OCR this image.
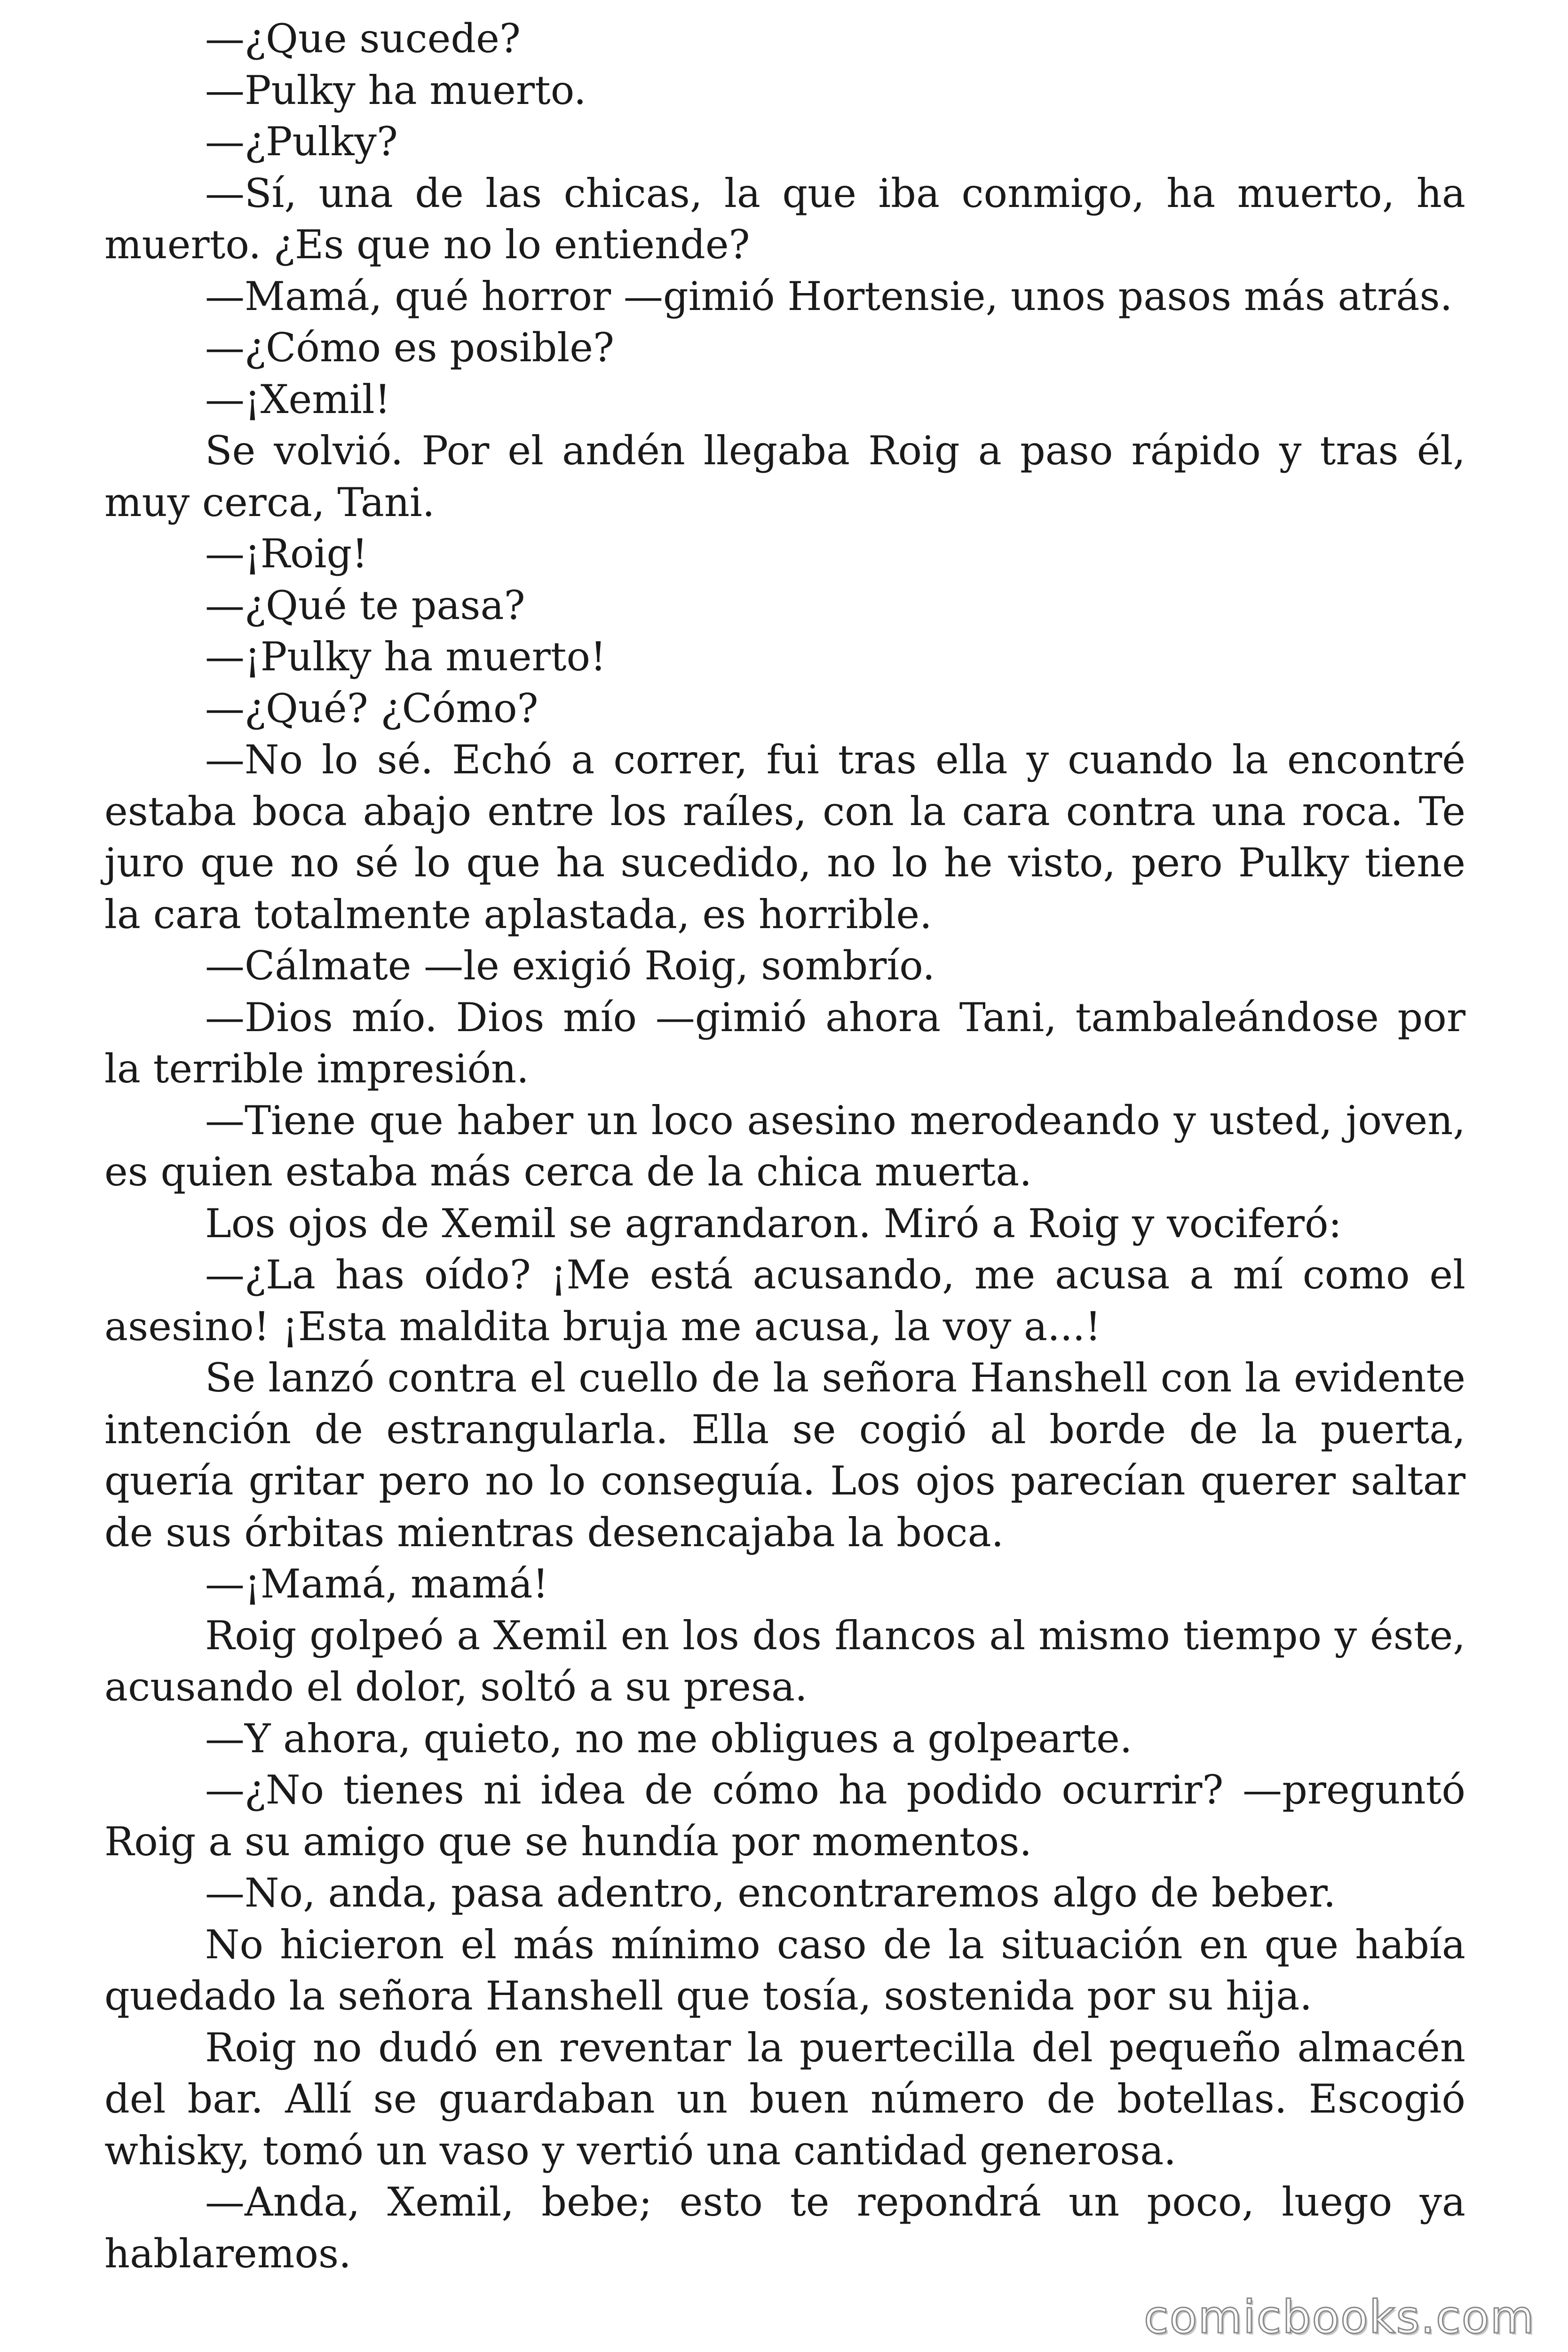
—¿Que sucede?

—Pulky ha muerto.

—¿Pulky?

—Sí, una de las chicas, la que iba conmigo, ha muerto, ha muerto. ¿Es que no lo entiende?

—Mamá, qué horror —gimió Hortensie, unos pasos más atrás.

—¿Cómo es posible?

—¡Xemil!

Se volvió. Por el andén llegaba Roig a paso rápido y tras él, muy cerca, Tani.

—¡Roig!

—¿Qué te pasa?

—¡Pulky ha muerto!

—¿Qué? ¿Cómo?

—No lo sé. Echó a correr, fui tras ella y cuando la encontré estaba boca abajo entre los raíles, con la cara contra una roca. Te juro que no sé lo que ha sucedido, no lo he visto, pero Pulky tiene la cara totalmente aplastada, es horrible.

—Cálmate —le exigió Roig, sombrío.

—Dios mío. Dios mío —gimió ahora Tani, tambaleándose por la terrible impresión.

—Tiene que haber un loco asesino merodeando y usted, joven, es quien estaba más cerca de la chica muerta.

Los ojos de Xemil se agrandaron. Miró a Roig y vociferó:

—¿La has oído? ¡Me está acusando, me acusa a mí como el asesino! ¡Esta maldita bruja me acusa, la voy a...!

Se lanzó contra el cuello de la señora Hanshell con la evidente intención de estrangularla. Ella se cogió al borde de la puerta, quería gritar pero no lo conseguía. Los ojos parecían querer saltar de sus órbitas mientras desencajaba la boca.

—¡Mamá, mamá!

Roig golpeó a Xemil en los dos flancos al mismo tiempo y éste, acusando el dolor, soltó a su presa.

—Y ahora, quieto, no me obligues a golpearte.

—¿No tienes ni idea de cómo ha podido ocurrir? —preguntó Roig a su amigo que se hundía por momentos.

—No, anda, pasa adentro, encontraremos algo de beber.

No hicieron el más mínimo caso de la situación en que había quedado la señora Hanshell que tosía, sostenida por su hija.

Roig no dudó en reventar la puertecilla del pequeño almacén del bar. Allí se guardaban un buen número de botellas. Escogió whisky, tomó un vaso y vertió una cantidad generosa.

—Anda, Xemil, bebe; esto te repondrá un poco, luego ya hablaremos.

comicbooks.com
